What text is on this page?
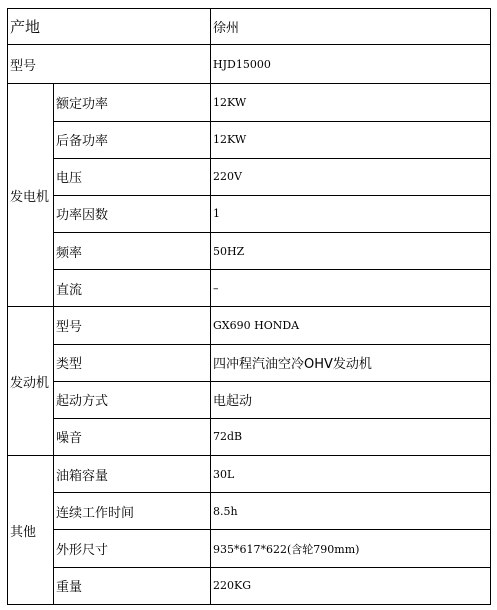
产地		徐州
型号		HJD15000
发电机	额定功率	12KW
	后备功率	12KW
	电压	220V
	功率因数	1
	频率	50HZ
	直流	–
发动机	型号	GX690 HONDA
	类型	四冲程汽油空冷OHV发动机
	起动方式	电起动
	噪音	72dB
其他	油箱容量	30L
	连续工作时间	8.5h
	外形尺寸	935*617*622(含轮790mm)
	重量	220KG
